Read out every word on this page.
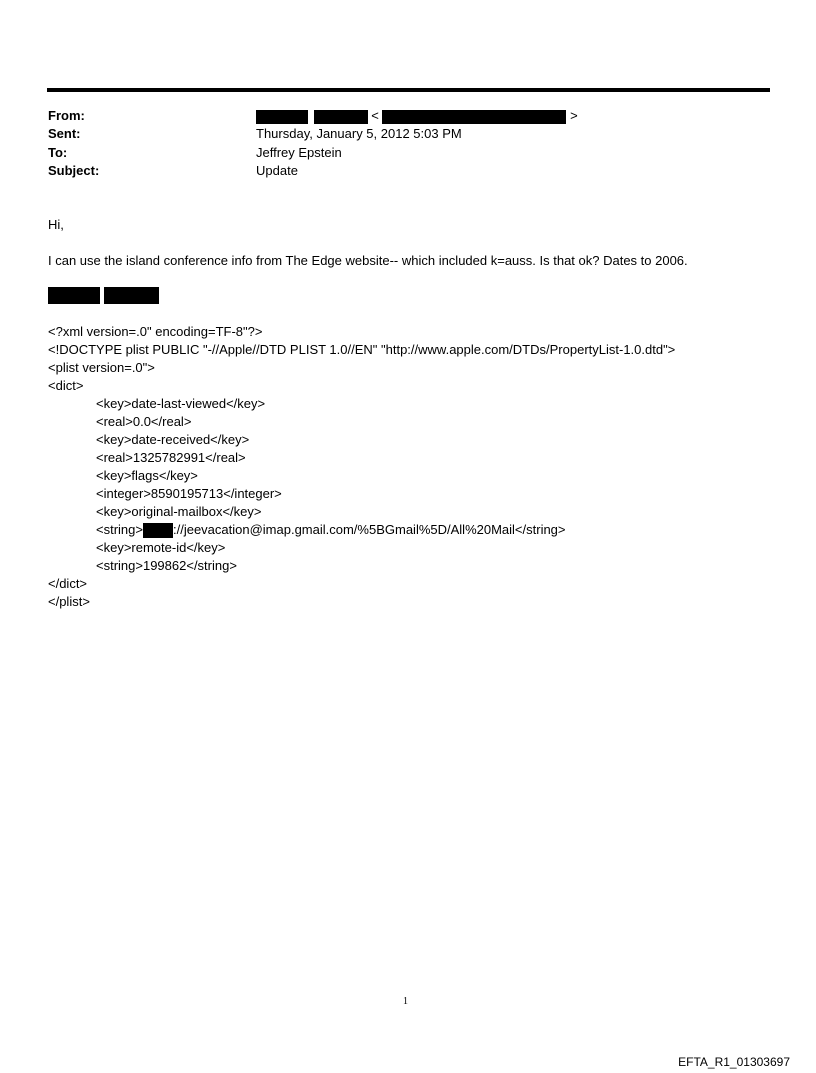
From:	<	>
Sent:	Thursday, January 5, 2012 5:03 PM
To:	Jeffrey Epstein
Subject:	Update
Hi,
I can use the island conference info from The Edge website-- which included k=auss. Is that ok? Dates to 2006.
<?xml version=.0" encoding=TF-8"?>
<!DOCTYPE plist PUBLIC "-//Apple//DTD PLIST 1.0//EN" "http://www.apple.com/DTDs/PropertyList-1.0.dtd">
<plist version=.0">
<dict>
<key>date-last-viewed</key>
<real>0.0</real>
<key>date-received</key>
<real>1325782991</real>
<key>flags</key>
<integer>8590195713</integer>
<key>original-mailbox</key>
<string> ://jeevacation@imap.gmail.com/%5BGmail%5D/All%20Mail</string>
<key>remote-id</key>
<string>199862</string>
</dict>
</plist>
1
EFTA_R1_01303697
